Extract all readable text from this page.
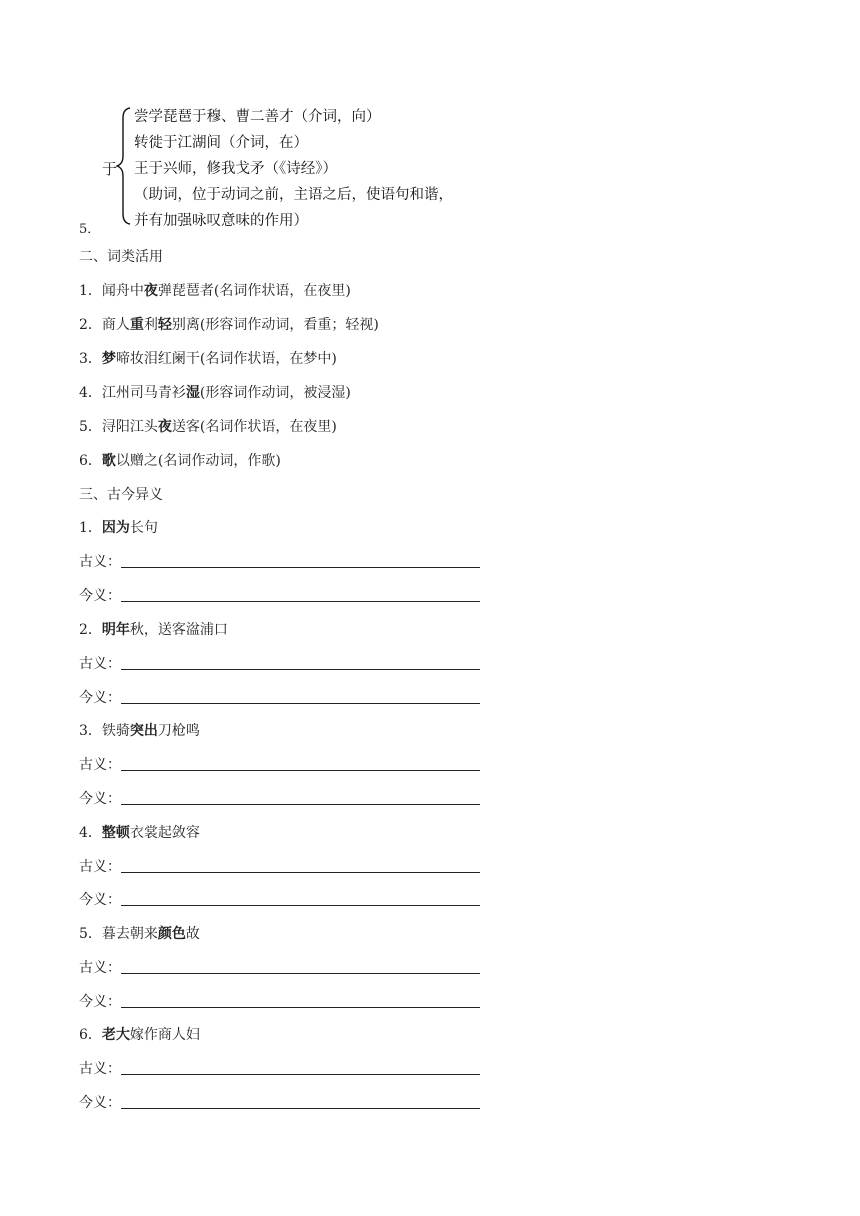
于
尝学琵琶于穆、曹二善才（介词，向）
转徙于江湖间（介词，在）
王于兴师，修我戈矛（《诗经》）
（助词，位于动词之前，主语之后，使语句和谐，
并有加强咏叹意味的作用）
5．
二、词类活用
1．闻舟中夜弹琵琶者(名词作状语，在夜里)
2．商人重利轻别离(形容词作动词，看重；轻视)
3．梦啼妆泪红阑干(名词作状语，在梦中)
4．江州司马青衫湿(形容词作动词，被浸湿)
5．浔阳江头夜送客(名词作状语，在夜里)
6．歌以赠之(名词作动词，作歌)
三、古今异义
1．因为长句
古义：
今义：
2．明年秋，送客湓浦口
古义：
今义：
3．铁骑突出刀枪鸣
古义：
今义：
4．整顿衣裳起敛容
古义：
今义：
5．暮去朝来颜色故
古义：
今义：
6．老大嫁作商人妇
古义：
今义：
